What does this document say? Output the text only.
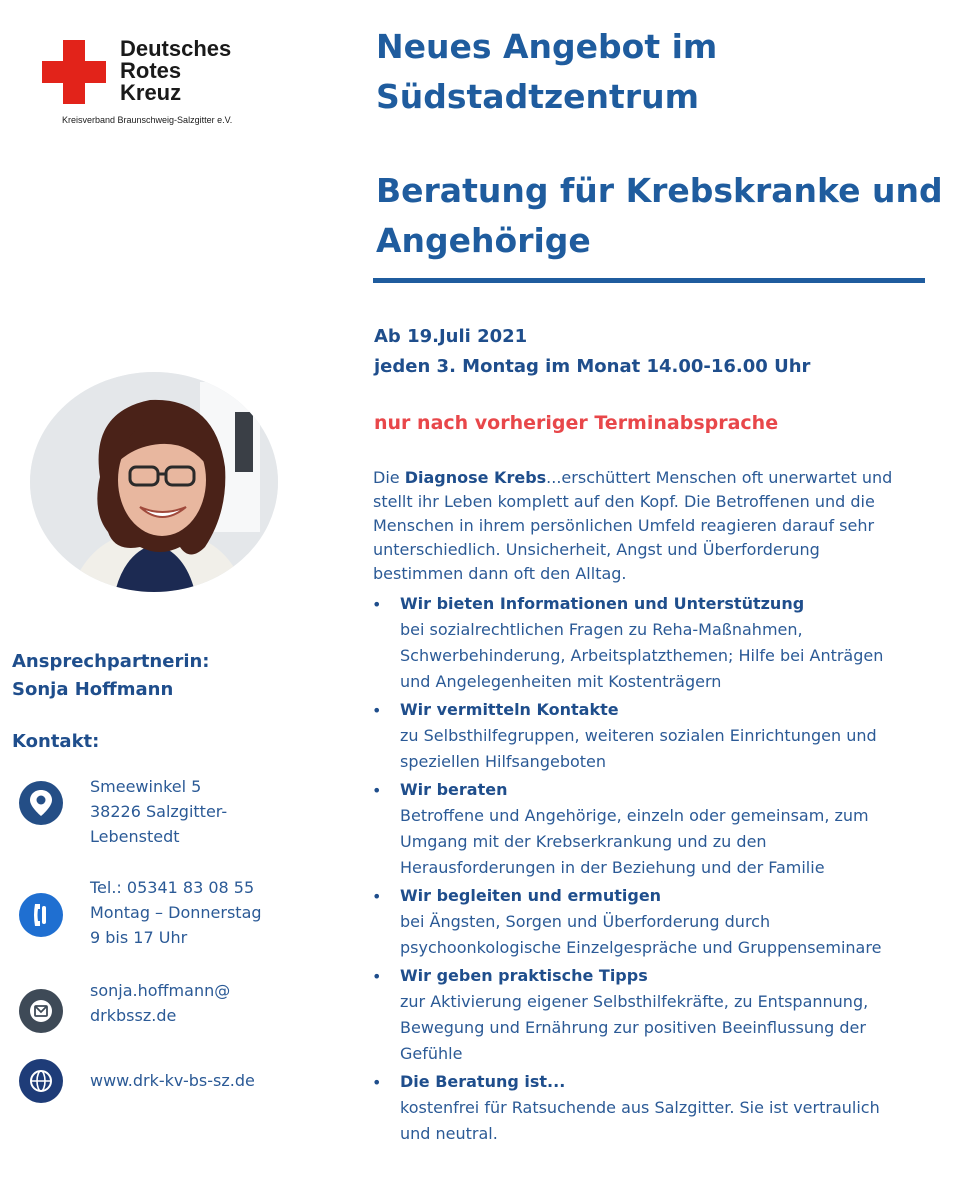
Deutsches
Rotes
Kreuz
Kreisverband Braunschweig-Salzgitter e.V.
Neues Angebot im
Südstadtzentrum
Beratung für Krebskranke und
Angehörige
Ab 19.Juli 2021
jeden 3. Montag im Monat 14.00-16.00 Uhr
nur nach vorheriger Terminabsprache
Die Diagnose Krebs...erschüttert Menschen oft unerwartet und
stellt ihr Leben komplett auf den Kopf. Die Betroffenen und die
Menschen in ihrem persönlichen Umfeld reagieren darauf sehr
unterschiedlich. Unsicherheit, Angst und Überforderung
bestimmen dann oft den Alltag.
• Wir bieten Informationen und Unterstützung
bei sozialrechtlichen Fragen zu Reha-Maßnahmen,
Schwerbehinderung, Arbeitsplatzthemen; Hilfe bei Anträgen
und Angelegenheiten mit Kostenträgern
• Wir vermitteln Kontakte
zu Selbsthilfegruppen, weiteren sozialen Einrichtungen und
speziellen Hilfsangeboten
• Wir beraten
Betroffene und Angehörige, einzeln oder gemeinsam, zum
Umgang mit der Krebserkrankung und zu den
Herausforderungen in der Beziehung und der Familie
• Wir begleiten und ermutigen
bei Ängsten, Sorgen und Überforderung durch
psychoonkologische Einzelgespräche und Gruppenseminare
• Wir geben praktische Tipps
zur Aktivierung eigener Selbsthilfekräfte, zu Entspannung,
Bewegung und Ernährung zur positiven Beeinflussung der
Gefühle
• Die Beratung ist...
kostenfrei für Ratsuchende aus Salzgitter. Sie ist vertraulich
und neutral.
Ansprechpartnerin:
Sonja Hoffmann
Kontakt:
Smeewinkel 5
38226 Salzgitter-
Lebenstedt
Tel.: 05341 83 08 55
Montag – Donnerstag
9 bis 17 Uhr
sonja.hoffmann@
drkbssz.de
www.drk-kv-bs-sz.de
